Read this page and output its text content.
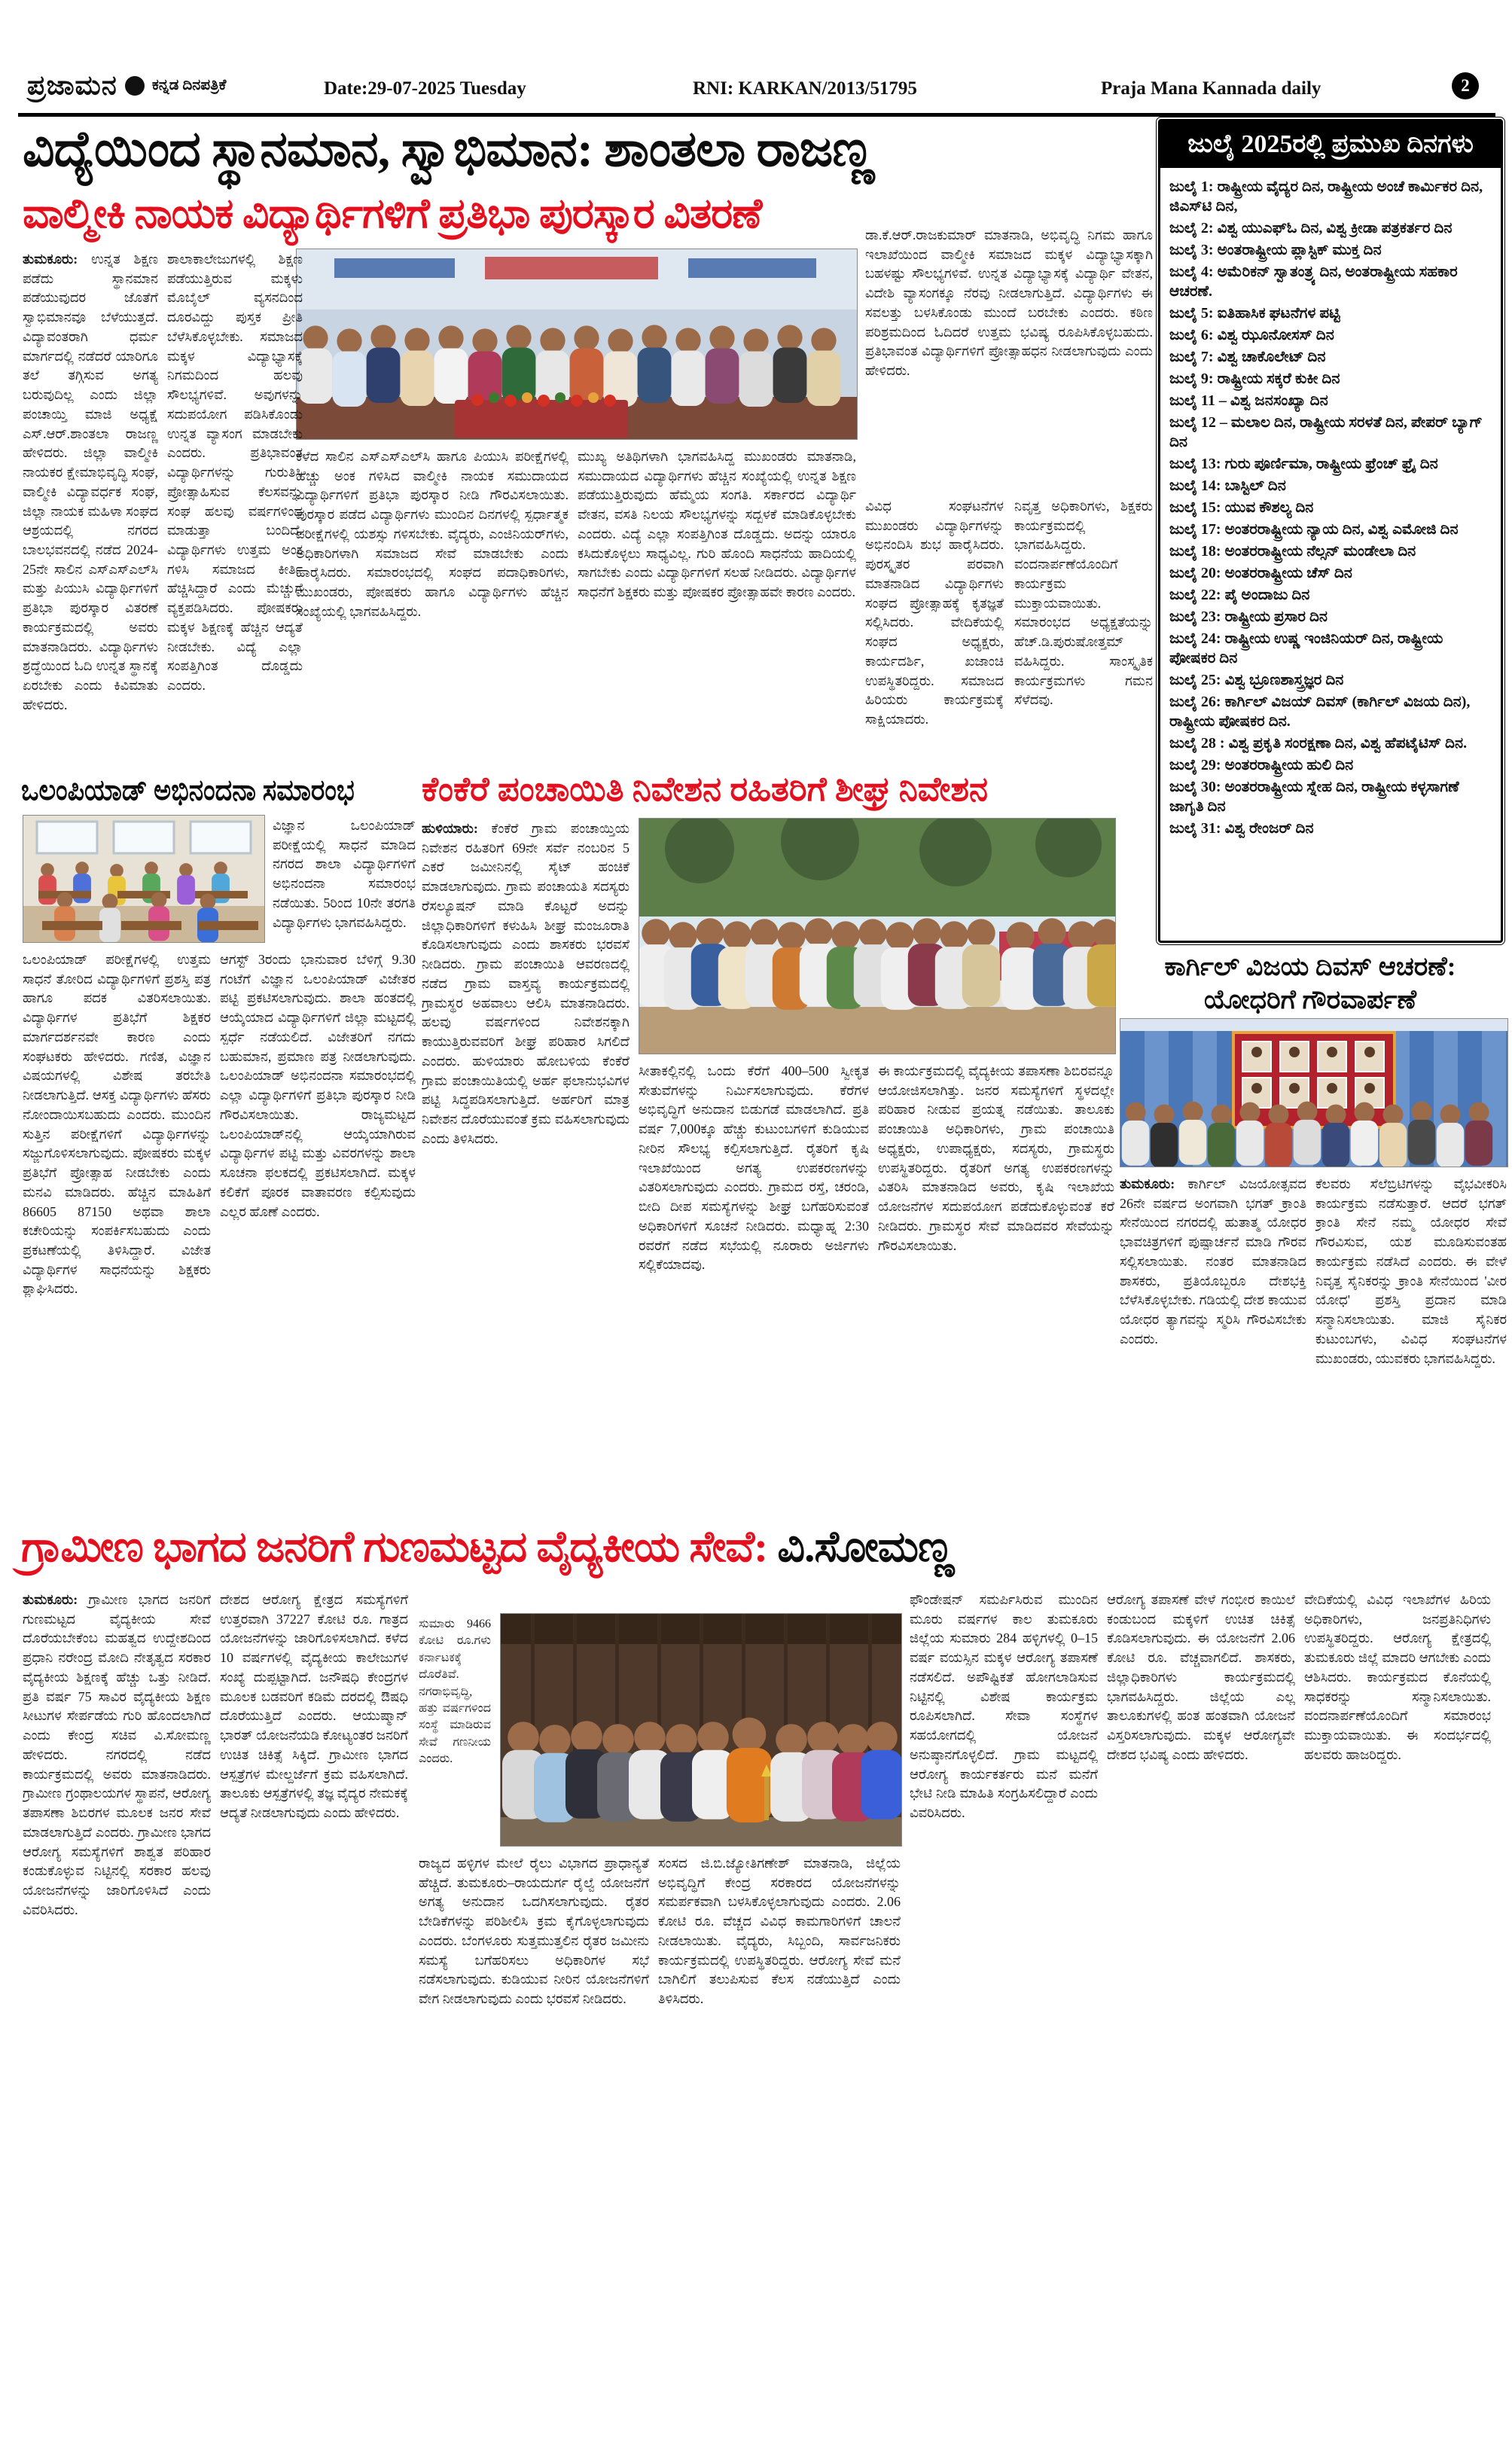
ಪ್ರಜಾಮನ ಕನ್ನಡ ದಿನಪತ್ರಿಕೆ	Date:29-07-2025 Tuesday	RNI: KARKAN/2013/51795	Praja Mana Kannada daily	2
ವಿದ್ಯೆಯಿಂದ ಸ್ಥಾನಮಾನ, ಸ್ವಾಭಿಮಾನ: ಶಾಂತಲಾ ರಾಜಣ್ಣ
ವಾಲ್ಮೀಕಿ ನಾಯಕ ವಿದ್ಯಾರ್ಥಿಗಳಿಗೆ ಪ್ರತಿಭಾ ಪುರಸ್ಕಾರ ವಿತರಣೆ
ಜುಲೈ 2025ರಲ್ಲಿ ಪ್ರಮುಖ ದಿನಗಳು
ಜುಲೈ 1: ರಾಷ್ಟ್ರೀಯ ವೈದ್ಯರ ದಿನ, ರಾಷ್ಟ್ರೀಯ ಅಂಚೆ ಕಾರ್ಮಿಕರ ದಿನ, ಜಿಎಸ್‌ಟಿ ದಿನ,
ಜುಲೈ 2: ವಿಶ್ವ ಯುಎಫ್‌ಓ ದಿನ, ವಿಶ್ವ ಕ್ರೀಡಾ ಪತ್ರಕರ್ತರ ದಿನ
ಜುಲೈ 3: ಅಂತರಾಷ್ಟ್ರೀಯ ಪ್ಲಾಸ್ಟಿಕ್ ಮುಕ್ತ ದಿನ
ಜುಲೈ 4: ಅಮೆರಿಕನ್ ಸ್ವಾತಂತ್ರ್ಯ ದಿನ, ಅಂತರಾಷ್ಟ್ರೀಯ ಸಹಕಾರ ಆಚರಣೆ.
ಜುಲೈ 5: ಐತಿಹಾಸಿಕ ಘಟನೆಗಳ ಪಟ್ಟಿ
ಜುಲೈ 6: ವಿಶ್ವ ಝೂನೋಸಸ್ ದಿನ
ಜುಲೈ 7: ವಿಶ್ವ ಚಾಕೊಲೇಟ್ ದಿನ
ಜುಲೈ 9: ರಾಷ್ಟ್ರೀಯ ಸಕ್ಕರೆ ಕುಕೀ ದಿನ
ಜುಲೈ 11 – ವಿಶ್ವ ಜನಸಂಖ್ಯಾ ದಿನ
ಜುಲೈ 12 – ಮಲಾಲ ದಿನ, ರಾಷ್ಟ್ರೀಯ ಸರಳತೆ ದಿನ, ಪೇಪರ್ ಬ್ಯಾಗ್ ದಿನ
ಜುಲೈ 13: ಗುರು ಪೂರ್ಣಿಮಾ, ರಾಷ್ಟ್ರೀಯ ಫ್ರೆಂಚ್ ಫ್ರೈ ದಿನ
ಜುಲೈ 14: ಬಾಸ್ಟಿಲ್ ದಿನ
ಜುಲೈ 15: ಯುವ ಕೌಶಲ್ಯ ದಿನ
ಜುಲೈ 17: ಅಂತರರಾಷ್ಟ್ರೀಯ ನ್ಯಾಯ ದಿನ, ವಿಶ್ವ ಎಮೋಜಿ ದಿನ
ಜುಲೈ 18: ಅಂತರರಾಷ್ಟ್ರೀಯ ನೆಲ್ಸನ್ ಮಂಡೇಲಾ ದಿನ
ಜುಲೈ 20: ಅಂತರರಾಷ್ಟ್ರೀಯ ಚೆಸ್ ದಿನ
ಜುಲೈ 22: ಪೈ ಅಂದಾಜು ದಿನ
ಜುಲೈ 23: ರಾಷ್ಟ್ರೀಯ ಪ್ರಸಾರ ದಿನ
ಜುಲೈ 24: ರಾಷ್ಟ್ರೀಯ ಉಷ್ಣ ಇಂಜಿನಿಯರ್ ದಿನ, ರಾಷ್ಟ್ರೀಯ ಪೋಷಕರ ದಿನ
ಜುಲೈ 25: ವಿಶ್ವ ಭ್ರೂಣಶಾಸ್ತ್ರಜ್ಞರ ದಿನ
ಜುಲೈ 26: ಕಾರ್ಗಿಲ್ ವಿಜಯ್ ದಿವಸ್ (ಕಾರ್ಗಿಲ್ ವಿಜಯ ದಿನ), ರಾಷ್ಟ್ರೀಯ ಪೋಷಕರ ದಿನ.
ಜುಲೈ 28 : ವಿಶ್ವ ಪ್ರಕೃತಿ ಸಂರಕ್ಷಣಾ ದಿನ, ವಿಶ್ವ ಹೆಪಟೈಟಿಸ್ ದಿನ.
ಜುಲೈ 29: ಅಂತರರಾಷ್ಟ್ರೀಯ ಹುಲಿ ದಿನ
ಜುಲೈ 30: ಅಂತರರಾಷ್ಟ್ರೀಯ ಸ್ನೇಹ ದಿನ, ರಾಷ್ಟ್ರೀಯ ಕಳ್ಳಸಾಗಣೆ ಜಾಗೃತಿ ದಿನ
ಜುಲೈ 31: ವಿಶ್ವ ರೇಂಜರ್ ದಿನ
ತುಮಕೂರು: ಉನ್ನತ ಶಿಕ್ಷಣ ಪಡೆದು ಸ್ಥಾನಮಾನ ಪಡೆಯುವುದರ ಜೊತೆಗೆ ಸ್ವಾಭಿಮಾನವೂ ಬೆಳೆಯುತ್ತದೆ. ವಿದ್ಯಾವಂತರಾಗಿ ಧರ್ಮ ಮಾರ್ಗದಲ್ಲಿ ನಡೆದರೆ ಯಾರಿಗೂ ತಲೆ ತಗ್ಗಿಸುವ ಅಗತ್ಯ ಬರುವುದಿಲ್ಲ ಎಂದು ಜಿಲ್ಲಾ ಪಂಚಾಯ್ತಿ ಮಾಜಿ ಅಧ್ಯಕ್ಷೆ ಎಸ್.ಆರ್.ಶಾಂತಲಾ ರಾಜಣ್ಣ ಹೇಳಿದರು. ಜಿಲ್ಲಾ ವಾಲ್ಮೀಕಿ ನಾಯಕರ ಕ್ಷೇಮಾಭಿವೃದ್ಧಿ ಸಂಘ, ವಾಲ್ಮೀಕಿ ವಿದ್ಯಾವರ್ಧಕ ಸಂಘ, ಜಿಲ್ಲಾ ನಾಯಕ ಮಹಿಳಾ ಸಂಘದ ಆಶ್ರಯದಲ್ಲಿ ನಗರದ ಬಾಲಭವನದಲ್ಲಿ ನಡೆದ 2024-25ನೇ ಸಾಲಿನ ಎಸ್‌ಎಸ್‌ಎಲ್‌ಸಿ ಮತ್ತು ಪಿಯುಸಿ ವಿದ್ಯಾರ್ಥಿಗಳಿಗೆ ಪ್ರತಿಭಾ ಪುರಸ್ಕಾರ ವಿತರಣೆ ಕಾರ್ಯಕ್ರಮದಲ್ಲಿ ಅವರು ಮಾತನಾಡಿದರು. ವಿದ್ಯಾರ್ಥಿಗಳು ಶ್ರದ್ಧೆಯಿಂದ ಓದಿ ಉನ್ನತ ಸ್ಥಾನಕ್ಕೆ ಏರಬೇಕು ಎಂದು ಕಿವಿಮಾತು ಹೇಳಿದರು.
ಶಾಲಾಕಾಲೇಜುಗಳಲ್ಲಿ ಶಿಕ್ಷಣ ಪಡೆಯುತ್ತಿರುವ ಮಕ್ಕಳು ಮೊಬೈಲ್ ವ್ಯಸನದಿಂದ ದೂರವಿದ್ದು ಪುಸ್ತಕ ಪ್ರೀತಿ ಬೆಳೆಸಿಕೊಳ್ಳಬೇಕು. ಸಮಾಜದ ಮಕ್ಕಳ ವಿದ್ಯಾಭ್ಯಾಸಕ್ಕೆ ನಿಗಮದಿಂದ ಹಲವು ಸೌಲಭ್ಯಗಳಿವೆ. ಅವುಗಳನ್ನು ಸದುಪಯೋಗ ಪಡಿಸಿಕೊಂಡು ಉನ್ನತ ವ್ಯಾಸಂಗ ಮಾಡಬೇಕು ಎಂದರು. ಪ್ರತಿಭಾವಂತ ವಿದ್ಯಾರ್ಥಿಗಳನ್ನು ಗುರುತಿಸಿ ಪ್ರೋತ್ಸಾಹಿಸುವ ಕೆಲಸವನ್ನು ಸಂಘ ಹಲವು ವರ್ಷಗಳಿಂದ ಮಾಡುತ್ತಾ ಬಂದಿದೆ. ವಿದ್ಯಾರ್ಥಿಗಳು ಉತ್ತಮ ಅಂಕ ಗಳಿಸಿ ಸಮಾಜದ ಕೀರ್ತಿ ಹೆಚ್ಚಿಸಿದ್ದಾರೆ ಎಂದು ಮೆಚ್ಚುಗೆ ವ್ಯಕ್ತಪಡಿಸಿದರು. ಪೋಷಕರು ಮಕ್ಕಳ ಶಿಕ್ಷಣಕ್ಕೆ ಹೆಚ್ಚಿನ ಆದ್ಯತೆ ನೀಡಬೇಕು. ವಿದ್ಯೆ ಎಲ್ಲಾ ಸಂಪತ್ತಿಗಿಂತ ದೊಡ್ಡದು ಎಂದರು.
ಕಳೆದ ಸಾಲಿನ ಎಸ್‌ಎಸ್‌ಎಲ್‌ಸಿ ಹಾಗೂ ಪಿಯುಸಿ ಪರೀಕ್ಷೆಗಳಲ್ಲಿ ಹೆಚ್ಚು ಅಂಕ ಗಳಿಸಿದ ವಾಲ್ಮೀಕಿ ನಾಯಕ ಸಮುದಾಯದ ವಿದ್ಯಾರ್ಥಿಗಳಿಗೆ ಪ್ರತಿಭಾ ಪುರಸ್ಕಾರ ನೀಡಿ ಗೌರವಿಸಲಾಯಿತು. ಪುರಸ್ಕಾರ ಪಡೆದ ವಿದ್ಯಾರ್ಥಿಗಳು ಮುಂದಿನ ದಿನಗಳಲ್ಲಿ ಸ್ಪರ್ಧಾತ್ಮಕ ಪರೀಕ್ಷೆಗಳಲ್ಲಿ ಯಶಸ್ಸು ಗಳಿಸಬೇಕು. ವೈದ್ಯರು, ಎಂಜಿನಿಯರ್‌ಗಳು, ಅಧಿಕಾರಿಗಳಾಗಿ ಸಮಾಜದ ಸೇವೆ ಮಾಡಬೇಕು ಎಂದು ಹಾರೈಸಿದರು. ಸಮಾರಂಭದಲ್ಲಿ ಸಂಘದ ಪದಾಧಿಕಾರಿಗಳು, ಮುಖಂಡರು, ಪೋಷಕರು ಹಾಗೂ ವಿದ್ಯಾರ್ಥಿಗಳು ಹೆಚ್ಚಿನ ಸಂಖ್ಯೆಯಲ್ಲಿ ಭಾಗವಹಿಸಿದ್ದರು.
ಮುಖ್ಯ ಅತಿಥಿಗಳಾಗಿ ಭಾಗವಹಿಸಿದ್ದ ಮುಖಂಡರು ಮಾತನಾಡಿ, ಸಮುದಾಯದ ವಿದ್ಯಾರ್ಥಿಗಳು ಹೆಚ್ಚಿನ ಸಂಖ್ಯೆಯಲ್ಲಿ ಉನ್ನತ ಶಿಕ್ಷಣ ಪಡೆಯುತ್ತಿರುವುದು ಹೆಮ್ಮೆಯ ಸಂಗತಿ. ಸರ್ಕಾರದ ವಿದ್ಯಾರ್ಥಿ ವೇತನ, ವಸತಿ ನಿಲಯ ಸೌಲಭ್ಯಗಳನ್ನು ಸದ್ಬಳಕೆ ಮಾಡಿಕೊಳ್ಳಬೇಕು ಎಂದರು. ವಿದ್ಯೆ ಎಲ್ಲಾ ಸಂಪತ್ತಿಗಿಂತ ದೊಡ್ಡದು. ಅದನ್ನು ಯಾರೂ ಕಸಿದುಕೊಳ್ಳಲು ಸಾಧ್ಯವಿಲ್ಲ. ಗುರಿ ಹೊಂದಿ ಸಾಧನೆಯ ಹಾದಿಯಲ್ಲಿ ಸಾಗಬೇಕು ಎಂದು ವಿದ್ಯಾರ್ಥಿಗಳಿಗೆ ಸಲಹೆ ನೀಡಿದರು. ವಿದ್ಯಾರ್ಥಿಗಳ ಸಾಧನೆಗೆ ಶಿಕ್ಷಕರು ಮತ್ತು ಪೋಷಕರ ಪ್ರೋತ್ಸಾಹವೇ ಕಾರಣ ಎಂದರು.
ಡಾ.ಕೆ.ಆರ್.ರಾಜಕುಮಾರ್ ಮಾತನಾಡಿ, ಅಭಿವೃದ್ಧಿ ನಿಗಮ ಹಾಗೂ ಇಲಾಖೆಯಿಂದ ವಾಲ್ಮೀಕಿ ಸಮಾಜದ ಮಕ್ಕಳ ವಿದ್ಯಾಭ್ಯಾಸಕ್ಕಾಗಿ ಬಹಳಷ್ಟು ಸೌಲಭ್ಯಗಳಿವೆ. ಉನ್ನತ ವಿದ್ಯಾಭ್ಯಾಸಕ್ಕೆ ವಿದ್ಯಾರ್ಥಿ ವೇತನ, ವಿದೇಶಿ ವ್ಯಾಸಂಗಕ್ಕೂ ನೆರವು ನೀಡಲಾಗುತ್ತಿದೆ. ವಿದ್ಯಾರ್ಥಿಗಳು ಈ ಸವಲತ್ತು ಬಳಸಿಕೊಂಡು ಮುಂದೆ ಬರಬೇಕು ಎಂದರು. ಕಠಿಣ ಪರಿಶ್ರಮದಿಂದ ಓದಿದರೆ ಉತ್ತಮ ಭವಿಷ್ಯ ರೂಪಿಸಿಕೊಳ್ಳಬಹುದು. ಪ್ರತಿಭಾವಂತ ವಿದ್ಯಾರ್ಥಿಗಳಿಗೆ ಪ್ರೋತ್ಸಾಹಧನ ನೀಡಲಾಗುವುದು ಎಂದು ಹೇಳಿದರು.
ವಿವಿಧ ಸಂಘಟನೆಗಳ ಮುಖಂಡರು ವಿದ್ಯಾರ್ಥಿಗಳನ್ನು ಅಭಿನಂದಿಸಿ ಶುಭ ಹಾರೈಸಿದರು. ಪುರಸ್ಕೃತರ ಪರವಾಗಿ ಮಾತನಾಡಿದ ವಿದ್ಯಾರ್ಥಿಗಳು ಸಂಘದ ಪ್ರೋತ್ಸಾಹಕ್ಕೆ ಕೃತಜ್ಞತೆ ಸಲ್ಲಿಸಿದರು. ವೇದಿಕೆಯಲ್ಲಿ ಸಂಘದ ಅಧ್ಯಕ್ಷರು, ಕಾರ್ಯದರ್ಶಿ, ಖಜಾಂಚಿ ಉಪಸ್ಥಿತರಿದ್ದರು. ಸಮಾಜದ ಹಿರಿಯರು ಕಾರ್ಯಕ್ರಮಕ್ಕೆ ಸಾಕ್ಷಿಯಾದರು.
ನಿವೃತ್ತ ಅಧಿಕಾರಿಗಳು, ಶಿಕ್ಷಕರು ಕಾರ್ಯಕ್ರಮದಲ್ಲಿ ಭಾಗವಹಿಸಿದ್ದರು. ವಂದನಾರ್ಪಣೆಯೊಂದಿಗೆ ಕಾರ್ಯಕ್ರಮ ಮುಕ್ತಾಯವಾಯಿತು. ಸಮಾರಂಭದ ಅಧ್ಯಕ್ಷತೆಯನ್ನು ಹೆಚ್.ಡಿ.ಪುರುಷೋತ್ತಮ್ ವಹಿಸಿದ್ದರು. ಸಾಂಸ್ಕೃತಿಕ ಕಾರ್ಯಕ್ರಮಗಳು ಗಮನ ಸೆಳೆದವು.
ಒಲಂಪಿಯಾಡ್ ಅಭಿನಂದನಾ ಸಮಾರಂಭ ಕೆಂಕೆರೆ ಪಂಚಾಯಿತಿ ನಿವೇಶನ ರಹಿತರಿಗೆ ಶೀಘ್ರ ನಿವೇಶನ
ವಿಜ್ಞಾನ ಒಲಂಪಿಯಾಡ್ ಪರೀಕ್ಷೆಯಲ್ಲಿ ಸಾಧನೆ ಮಾಡಿದ ನಗರದ ಶಾಲಾ ವಿದ್ಯಾರ್ಥಿಗಳಿಗೆ ಅಭಿನಂದನಾ ಸಮಾರಂಭ ನಡೆಯಿತು. 5ರಿಂದ 10ನೇ ತರಗತಿ ವಿದ್ಯಾರ್ಥಿಗಳು ಭಾಗವಹಿಸಿದ್ದರು.
ಒಲಂಪಿಯಾಡ್ ಪರೀಕ್ಷೆಗಳಲ್ಲಿ ಉತ್ತಮ ಸಾಧನೆ ತೋರಿದ ವಿದ್ಯಾರ್ಥಿಗಳಿಗೆ ಪ್ರಶಸ್ತಿ ಪತ್ರ ಹಾಗೂ ಪದಕ ವಿತರಿಸಲಾಯಿತು. ವಿದ್ಯಾರ್ಥಿಗಳ ಪ್ರತಿಭೆಗೆ ಶಿಕ್ಷಕರ ಮಾರ್ಗದರ್ಶನವೇ ಕಾರಣ ಎಂದು ಸಂಘಟಕರು ಹೇಳಿದರು. ಗಣಿತ, ವಿಜ್ಞಾನ ವಿಷಯಗಳಲ್ಲಿ ವಿಶೇಷ ತರಬೇತಿ ನೀಡಲಾಗುತ್ತಿದೆ. ಆಸಕ್ತ ವಿದ್ಯಾರ್ಥಿಗಳು ಹೆಸರು ನೋಂದಾಯಿಸಬಹುದು ಎಂದರು. ಮುಂದಿನ ಸುತ್ತಿನ ಪರೀಕ್ಷೆಗಳಿಗೆ ವಿದ್ಯಾರ್ಥಿಗಳನ್ನು ಸಜ್ಜುಗೊಳಿಸಲಾಗುವುದು. ಪೋಷಕರು ಮಕ್ಕಳ ಪ್ರತಿಭೆಗೆ ಪ್ರೋತ್ಸಾಹ ನೀಡಬೇಕು ಎಂದು ಮನವಿ ಮಾಡಿದರು. ಹೆಚ್ಚಿನ ಮಾಹಿತಿಗೆ 86605 87150 ಅಥವಾ ಶಾಲಾ ಕಚೇರಿಯನ್ನು ಸಂಪರ್ಕಿಸಬಹುದು ಎಂದು ಪ್ರಕಟಣೆಯಲ್ಲಿ ತಿಳಿಸಿದ್ದಾರೆ. ವಿಜೇತ ವಿದ್ಯಾರ್ಥಿಗಳ ಸಾಧನೆಯನ್ನು ಶಿಕ್ಷಕರು ಶ್ಲಾಘಿಸಿದರು.
ಆಗಸ್ಟ್ 3ರಂದು ಭಾನುವಾರ ಬೆಳಿಗ್ಗೆ 9.30 ಗಂಟೆಗೆ ವಿಜ್ಞಾನ ಒಲಂಪಿಯಾಡ್ ವಿಜೇತರ ಪಟ್ಟಿ ಪ್ರಕಟಿಸಲಾಗುವುದು. ಶಾಲಾ ಹಂತದಲ್ಲಿ ಆಯ್ಕೆಯಾದ ವಿದ್ಯಾರ್ಥಿಗಳಿಗೆ ಜಿಲ್ಲಾ ಮಟ್ಟದಲ್ಲಿ ಸ್ಪರ್ಧೆ ನಡೆಯಲಿದೆ. ವಿಜೇತರಿಗೆ ನಗದು ಬಹುಮಾನ, ಪ್ರಮಾಣ ಪತ್ರ ನೀಡಲಾಗುವುದು. ಒಲಂಪಿಯಾಡ್ ಅಭಿನಂದನಾ ಸಮಾರಂಭದಲ್ಲಿ ಎಲ್ಲಾ ವಿದ್ಯಾರ್ಥಿಗಳಿಗೆ ಪ್ರತಿಭಾ ಪುರಸ್ಕಾರ ನೀಡಿ ಗೌರವಿಸಲಾಯಿತು. ರಾಜ್ಯಮಟ್ಟದ ಒಲಂಪಿಯಾಡ್‌ನಲ್ಲಿ ಆಯ್ಕೆಯಾಗಿರುವ ವಿದ್ಯಾರ್ಥಿಗಳ ಪಟ್ಟಿ ಮತ್ತು ವಿವರಗಳನ್ನು ಶಾಲಾ ಸೂಚನಾ ಫಲಕದಲ್ಲಿ ಪ್ರಕಟಿಸಲಾಗಿದೆ. ಮಕ್ಕಳ ಕಲಿಕೆಗೆ ಪೂರಕ ವಾತಾವರಣ ಕಲ್ಪಿಸುವುದು ಎಲ್ಲರ ಹೊಣೆ ಎಂದರು.
ಹುಳಿಯಾರು: ಕೆಂಕೆರೆ ಗ್ರಾಮ ಪಂಚಾಯ್ತಿಯ ನಿವೇಶನ ರಹಿತರಿಗೆ 69ನೇ ಸರ್ವೆ ನಂಬರಿನ 5 ಎಕರೆ ಜಮೀನಿನಲ್ಲಿ ಸೈಟ್ ಹಂಚಿಕೆ ಮಾಡಲಾಗುವುದು. ಗ್ರಾಮ ಪಂಚಾಯತಿ ಸದಸ್ಯರು ರೆಸಲ್ಯೂಷನ್ ಮಾಡಿ ಕೊಟ್ಟರೆ ಅದನ್ನು ಜಿಲ್ಲಾಧಿಕಾರಿಗಳಿಗೆ ಕಳುಹಿಸಿ ಶೀಘ್ರ ಮಂಜೂರಾತಿ ಕೊಡಿಸಲಾಗುವುದು ಎಂದು ಶಾಸಕರು ಭರವಸೆ ನೀಡಿದರು. ಗ್ರಾಮ ಪಂಚಾಯಿತಿ ಆವರಣದಲ್ಲಿ ನಡೆದ ಗ್ರಾಮ ವಾಸ್ತವ್ಯ ಕಾರ್ಯಕ್ರಮದಲ್ಲಿ ಗ್ರಾಮಸ್ಥರ ಅಹವಾಲು ಆಲಿಸಿ ಮಾತನಾಡಿದರು. ಹಲವು ವರ್ಷಗಳಿಂದ ನಿವೇಶನಕ್ಕಾಗಿ ಕಾಯುತ್ತಿರುವವರಿಗೆ ಶೀಘ್ರ ಪರಿಹಾರ ಸಿಗಲಿದೆ ಎಂದರು. ಹುಳಿಯಾರು ಹೋಬಳಿಯ ಕೆಂಕೆರೆ ಗ್ರಾಮ ಪಂಚಾಯಿತಿಯಲ್ಲಿ ಅರ್ಹ ಫಲಾನುಭವಿಗಳ ಪಟ್ಟಿ ಸಿದ್ಧಪಡಿಸಲಾಗುತ್ತಿದೆ. ಅರ್ಹರಿಗೆ ಮಾತ್ರ ನಿವೇಶನ ದೊರೆಯುವಂತೆ ಕ್ರಮ ವಹಿಸಲಾಗುವುದು ಎಂದು ತಿಳಿಸಿದರು.
ಸೀತಾಕಲ್ಲಿನಲ್ಲಿ ಒಂದು ಕೆರೆಗೆ 400–500 ಸ್ವೀಕೃತ ಸೇತುವೆಗಳನ್ನು ನಿರ್ಮಿಸಲಾಗುವುದು. ಕೆರೆಗಳ ಅಭಿವೃದ್ಧಿಗೆ ಅನುದಾನ ಬಿಡುಗಡೆ ಮಾಡಲಾಗಿದೆ. ಪ್ರತಿ ವರ್ಷ 7,000ಕ್ಕೂ ಹೆಚ್ಚು ಕುಟುಂಬಗಳಿಗೆ ಕುಡಿಯುವ ನೀರಿನ ಸೌಲಭ್ಯ ಕಲ್ಪಿಸಲಾಗುತ್ತಿದೆ. ರೈತರಿಗೆ ಕೃಷಿ ಇಲಾಖೆಯಿಂದ ಅಗತ್ಯ ಉಪಕರಣಗಳನ್ನು ವಿತರಿಸಲಾಗುವುದು ಎಂದರು. ಗ್ರಾಮದ ರಸ್ತೆ, ಚರಂಡಿ, ಬೀದಿ ದೀಪ ಸಮಸ್ಯೆಗಳನ್ನು ಶೀಘ್ರ ಬಗೆಹರಿಸುವಂತೆ ಅಧಿಕಾರಿಗಳಿಗೆ ಸೂಚನೆ ನೀಡಿದರು. ಮಧ್ಯಾಹ್ನ 2:30 ರವರೆಗೆ ನಡೆದ ಸಭೆಯಲ್ಲಿ ನೂರಾರು ಅರ್ಜಿಗಳು ಸಲ್ಲಿಕೆಯಾದವು.
ಈ ಕಾರ್ಯಕ್ರಮದಲ್ಲಿ ವೈದ್ಯಕೀಯ ತಪಾಸಣಾ ಶಿಬಿರವನ್ನೂ ಆಯೋಜಿಸಲಾಗಿತ್ತು. ಜನರ ಸಮಸ್ಯೆಗಳಿಗೆ ಸ್ಥಳದಲ್ಲೇ ಪರಿಹಾರ ನೀಡುವ ಪ್ರಯತ್ನ ನಡೆಯಿತು. ತಾಲೂಕು ಪಂಚಾಯಿತಿ ಅಧಿಕಾರಿಗಳು, ಗ್ರಾಮ ಪಂಚಾಯಿತಿ ಅಧ್ಯಕ್ಷರು, ಉಪಾಧ್ಯಕ್ಷರು, ಸದಸ್ಯರು, ಗ್ರಾಮಸ್ಥರು ಉಪಸ್ಥಿತರಿದ್ದರು. ರೈತರಿಗೆ ಅಗತ್ಯ ಉಪಕರಣಗಳನ್ನು ವಿತರಿಸಿ ಮಾತನಾಡಿದ ಅವರು, ಕೃಷಿ ಇಲಾಖೆಯ ಯೋಜನೆಗಳ ಸದುಪಯೋಗ ಪಡೆದುಕೊಳ್ಳುವಂತೆ ಕರೆ ನೀಡಿದರು. ಗ್ರಾಮಸ್ಥರ ಸೇವೆ ಮಾಡಿದವರ ಸೇವೆಯನ್ನು ಗೌರವಿಸಲಾಯಿತು.
ಕಾರ್ಗಿಲ್ ವಿಜಯ ದಿವಸ್ ಆಚರಣೆ:
ಯೋಧರಿಗೆ ಗೌರವಾರ್ಪಣೆ
ತುಮಕೂರು: ಕಾರ್ಗಿಲ್ ವಿಜಯೋತ್ಸವದ 26ನೇ ವರ್ಷದ ಅಂಗವಾಗಿ ಭಗತ್ ಕ್ರಾಂತಿ ಸೇನೆಯಿಂದ ನಗರದಲ್ಲಿ ಹುತಾತ್ಮ ಯೋಧರ ಭಾವಚಿತ್ರಗಳಿಗೆ ಪುಷ್ಪಾರ್ಚನೆ ಮಾಡಿ ಗೌರವ ಸಲ್ಲಿಸಲಾಯಿತು. ನಂತರ ಮಾತನಾಡಿದ ಶಾಸಕರು, ಪ್ರತಿಯೊಬ್ಬರೂ ದೇಶಭಕ್ತಿ ಬೆಳೆಸಿಕೊಳ್ಳಬೇಕು. ಗಡಿಯಲ್ಲಿ ದೇಶ ಕಾಯುವ ಯೋಧರ ತ್ಯಾಗವನ್ನು ಸ್ಮರಿಸಿ ಗೌರವಿಸಬೇಕು ಎಂದರು.
ಕೆಲವರು ಸೆಲೆಬ್ರಿಟಿಗಳನ್ನು ವೈಭವೀಕರಿಸಿ ಕಾರ್ಯಕ್ರಮ ನಡೆಸುತ್ತಾರೆ. ಆದರೆ ಭಗತ್ ಕ್ರಾಂತಿ ಸೇನೆ ನಮ್ಮ ಯೋಧರ ಸೇವೆ ಗೌರವಿಸುವ, ಯಶ ಮೂಡಿಸುವಂತಹ ಕಾರ್ಯಕ್ರಮ ನಡೆಸಿದೆ ಎಂದರು. ಈ ವೇಳೆ ನಿವೃತ್ತ ಸೈನಿಕರನ್ನು ಕ್ರಾಂತಿ ಸೇನೆಯಿಂದ 'ವೀರ ಯೋಧ' ಪ್ರಶಸ್ತಿ ಪ್ರದಾನ ಮಾಡಿ ಸನ್ಮಾನಿಸಲಾಯಿತು. ಮಾಜಿ ಸೈನಿಕರ ಕುಟುಂಬಗಳು, ವಿವಿಧ ಸಂಘಟನೆಗಳ ಮುಖಂಡರು, ಯುವಕರು ಭಾಗವಹಿಸಿದ್ದರು.
ಗ್ರಾಮೀಣ ಭಾಗದ ಜನರಿಗೆ ಗುಣಮಟ್ಟದ ವೈದ್ಯಕೀಯ ಸೇವೆ: ವಿ.ಸೋಮಣ್ಣ
ತುಮಕೂರು: ಗ್ರಾಮೀಣ ಭಾಗದ ಜನರಿಗೆ ಗುಣಮಟ್ಟದ ವೈದ್ಯಕೀಯ ಸೇವೆ ದೊರೆಯಬೇಕೆಂಬ ಮಹತ್ವದ ಉದ್ದೇಶದಿಂದ ಪ್ರಧಾನಿ ನರೇಂದ್ರ ಮೋದಿ ನೇತೃತ್ವದ ಸರಕಾರ ವೈದ್ಯಕೀಯ ಶಿಕ್ಷಣಕ್ಕೆ ಹೆಚ್ಚು ಒತ್ತು ನೀಡಿದೆ. ಪ್ರತಿ ವರ್ಷ 75 ಸಾವಿರ ವೈದ್ಯಕೀಯ ಶಿಕ್ಷಣ ಸೀಟುಗಳ ಸೇರ್ಪಡೆಯ ಗುರಿ ಹೊಂದಲಾಗಿದೆ ಎಂದು ಕೇಂದ್ರ ಸಚಿವ ವಿ.ಸೋಮಣ್ಣ ಹೇಳಿದರು. ನಗರದಲ್ಲಿ ನಡೆದ ಕಾರ್ಯಕ್ರಮದಲ್ಲಿ ಅವರು ಮಾತನಾಡಿದರು. ಗ್ರಾಮೀಣ ಗ್ರಂಥಾಲಯಗಳ ಸ್ಥಾಪನೆ, ಆರೋಗ್ಯ ತಪಾಸಣಾ ಶಿಬಿರಗಳ ಮೂಲಕ ಜನರ ಸೇವೆ ಮಾಡಲಾಗುತ್ತಿದೆ ಎಂದರು. ಗ್ರಾಮೀಣ ಭಾಗದ ಆರೋಗ್ಯ ಸಮಸ್ಯೆಗಳಿಗೆ ಶಾಶ್ವತ ಪರಿಹಾರ ಕಂಡುಕೊಳ್ಳುವ ನಿಟ್ಟಿನಲ್ಲಿ ಸರಕಾರ ಹಲವು ಯೋಜನೆಗಳನ್ನು ಜಾರಿಗೊಳಿಸಿದೆ ಎಂದು ವಿವರಿಸಿದರು.
ದೇಶದ ಆರೋಗ್ಯ ಕ್ಷೇತ್ರದ ಸಮಸ್ಯೆಗಳಿಗೆ ಉತ್ತರವಾಗಿ 37227 ಕೋಟಿ ರೂ. ಗಾತ್ರದ ಯೋಜನೆಗಳನ್ನು ಜಾರಿಗೊಳಿಸಲಾಗಿದೆ. ಕಳೆದ 10 ವರ್ಷಗಳಲ್ಲಿ ವೈದ್ಯಕೀಯ ಕಾಲೇಜುಗಳ ಸಂಖ್ಯೆ ದುಪ್ಪಟ್ಟಾಗಿದೆ. ಜನೌಷಧಿ ಕೇಂದ್ರಗಳ ಮೂಲಕ ಬಡವರಿಗೆ ಕಡಿಮೆ ದರದಲ್ಲಿ ಔಷಧಿ ದೊರೆಯುತ್ತಿದೆ ಎಂದರು. ಆಯುಷ್ಮಾನ್ ಭಾರತ್ ಯೋಜನೆಯಡಿ ಕೋಟ್ಯಂತರ ಜನರಿಗೆ ಉಚಿತ ಚಿಕಿತ್ಸೆ ಸಿಕ್ಕಿದೆ. ಗ್ರಾಮೀಣ ಭಾಗದ ಆಸ್ಪತ್ರೆಗಳ ಮೇಲ್ದರ್ಜೆಗೆ ಕ್ರಮ ವಹಿಸಲಾಗಿದೆ. ತಾಲೂಕು ಆಸ್ಪತ್ರೆಗಳಲ್ಲಿ ತಜ್ಞ ವೈದ್ಯರ ನೇಮಕಕ್ಕೆ ಆದ್ಯತೆ ನೀಡಲಾಗುವುದು ಎಂದು ಹೇಳಿದರು.
ಸುಮಾರು 9466 ಕೋಟಿ ರೂ.ಗಳು ಕರ್ನಾಟಕಕ್ಕೆ ದೊರೆತಿವೆ. ನಗರಾಭಿವೃದ್ಧಿ, ಹತ್ತು ವರ್ಷಗಳಿಂದ ಸಂಸ್ಥೆ ಮಾಡಿರುವ ಸೇವೆ ಗಣನೀಯ ಎಂದರು.
ರಾಜ್ಯದ ಹಳ್ಳಿಗಳ ಮೇಲೆ ರೈಲು ವಿಭಾಗದ ಪ್ರಾಧಾನ್ಯತೆ ಹೆಚ್ಚಿದೆ. ತುಮಕೂರು–ರಾಯದುರ್ಗ ರೈಲ್ವೆ ಯೋಜನೆಗೆ ಅಗತ್ಯ ಅನುದಾನ ಒದಗಿಸಲಾಗುವುದು. ರೈತರ ಬೇಡಿಕೆಗಳನ್ನು ಪರಿಶೀಲಿಸಿ ಕ್ರಮ ಕೈಗೊಳ್ಳಲಾಗುವುದು ಎಂದರು. ಬೆಂಗಳೂರು ಸುತ್ತಮುತ್ತಲಿನ ರೈತರ ಜಮೀನು ಸಮಸ್ಯೆ ಬಗೆಹರಿಸಲು ಅಧಿಕಾರಿಗಳ ಸಭೆ ನಡೆಸಲಾಗುವುದು. ಕುಡಿಯುವ ನೀರಿನ ಯೋಜನೆಗಳಿಗೆ ವೇಗ ನೀಡಲಾಗುವುದು ಎಂದು ಭರವಸೆ ನೀಡಿದರು.
ಸಂಸದ ಜಿ.ಬಿ.ಜ್ಯೋತಿಗಣೇಶ್ ಮಾತನಾಡಿ, ಜಿಲ್ಲೆಯ ಅಭಿವೃದ್ಧಿಗೆ ಕೇಂದ್ರ ಸರಕಾರದ ಯೋಜನೆಗಳನ್ನು ಸಮರ್ಪಕವಾಗಿ ಬಳಸಿಕೊಳ್ಳಲಾಗುವುದು ಎಂದರು. 2.06 ಕೋಟಿ ರೂ. ವೆಚ್ಚದ ವಿವಿಧ ಕಾಮಗಾರಿಗಳಿಗೆ ಚಾಲನೆ ನೀಡಲಾಯಿತು. ವೈದ್ಯರು, ಸಿಬ್ಬಂದಿ, ಸಾರ್ವಜನಿಕರು ಕಾರ್ಯಕ್ರಮದಲ್ಲಿ ಉಪಸ್ಥಿತರಿದ್ದರು. ಆರೋಗ್ಯ ಸೇವೆ ಮನೆ ಬಾಗಿಲಿಗೆ ತಲುಪಿಸುವ ಕೆಲಸ ನಡೆಯುತ್ತಿದೆ ಎಂದು ತಿಳಿಸಿದರು.
ಫೌಂಡೇಷನ್ ಸಮರ್ಪಿಸಿರುವ ಮುಂದಿನ ಮೂರು ವರ್ಷಗಳ ಕಾಲ ತುಮಕೂರು ಜಿಲ್ಲೆಯ ಸುಮಾರು 284 ಹಳ್ಳಿಗಳಲ್ಲಿ 0–15 ವರ್ಷ ವಯಸ್ಸಿನ ಮಕ್ಕಳ ಆರೋಗ್ಯ ತಪಾಸಣೆ ನಡೆಸಲಿದೆ. ಅಪೌಷ್ಟಿಕತೆ ಹೋಗಲಾಡಿಸುವ ನಿಟ್ಟಿನಲ್ಲಿ ವಿಶೇಷ ಕಾರ್ಯಕ್ರಮ ರೂಪಿಸಲಾಗಿದೆ. ಸೇವಾ ಸಂಸ್ಥೆಗಳ ಸಹಯೋಗದಲ್ಲಿ ಯೋಜನೆ ಅನುಷ್ಠಾನಗೊಳ್ಳಲಿದೆ. ಗ್ರಾಮ ಮಟ್ಟದಲ್ಲಿ ಆರೋಗ್ಯ ಕಾರ್ಯಕರ್ತರು ಮನೆ ಮನೆಗೆ ಭೇಟಿ ನೀಡಿ ಮಾಹಿತಿ ಸಂಗ್ರಹಿಸಲಿದ್ದಾರೆ ಎಂದು ವಿವರಿಸಿದರು.
ಆರೋಗ್ಯ ತಪಾಸಣೆ ವೇಳೆ ಗಂಭೀರ ಕಾಯಿಲೆ ಕಂಡುಬಂದ ಮಕ್ಕಳಿಗೆ ಉಚಿತ ಚಿಕಿತ್ಸೆ ಕೊಡಿಸಲಾಗುವುದು. ಈ ಯೋಜನೆಗೆ 2.06 ಕೋಟಿ ರೂ. ವೆಚ್ಚವಾಗಲಿದೆ. ಶಾಸಕರು, ಜಿಲ್ಲಾಧಿಕಾರಿಗಳು ಕಾರ್ಯಕ್ರಮದಲ್ಲಿ ಭಾಗವಹಿಸಿದ್ದರು. ಜಿಲ್ಲೆಯ ಎಲ್ಲ ತಾಲೂಕುಗಳಲ್ಲಿ ಹಂತ ಹಂತವಾಗಿ ಯೋಜನೆ ವಿಸ್ತರಿಸಲಾಗುವುದು. ಮಕ್ಕಳ ಆರೋಗ್ಯವೇ ದೇಶದ ಭವಿಷ್ಯ ಎಂದು ಹೇಳಿದರು.
ವೇದಿಕೆಯಲ್ಲಿ ವಿವಿಧ ಇಲಾಖೆಗಳ ಹಿರಿಯ ಅಧಿಕಾರಿಗಳು, ಜನಪ್ರತಿನಿಧಿಗಳು ಉಪಸ್ಥಿತರಿದ್ದರು. ಆರೋಗ್ಯ ಕ್ಷೇತ್ರದಲ್ಲಿ ತುಮಕೂರು ಜಿಲ್ಲೆ ಮಾದರಿ ಆಗಬೇಕು ಎಂದು ಆಶಿಸಿದರು. ಕಾರ್ಯಕ್ರಮದ ಕೊನೆಯಲ್ಲಿ ಸಾಧಕರನ್ನು ಸನ್ಮಾನಿಸಲಾಯಿತು. ವಂದನಾರ್ಪಣೆಯೊಂದಿಗೆ ಸಮಾರಂಭ ಮುಕ್ತಾಯವಾಯಿತು. ಈ ಸಂದರ್ಭದಲ್ಲಿ ಹಲವರು ಹಾಜರಿದ್ದರು.
